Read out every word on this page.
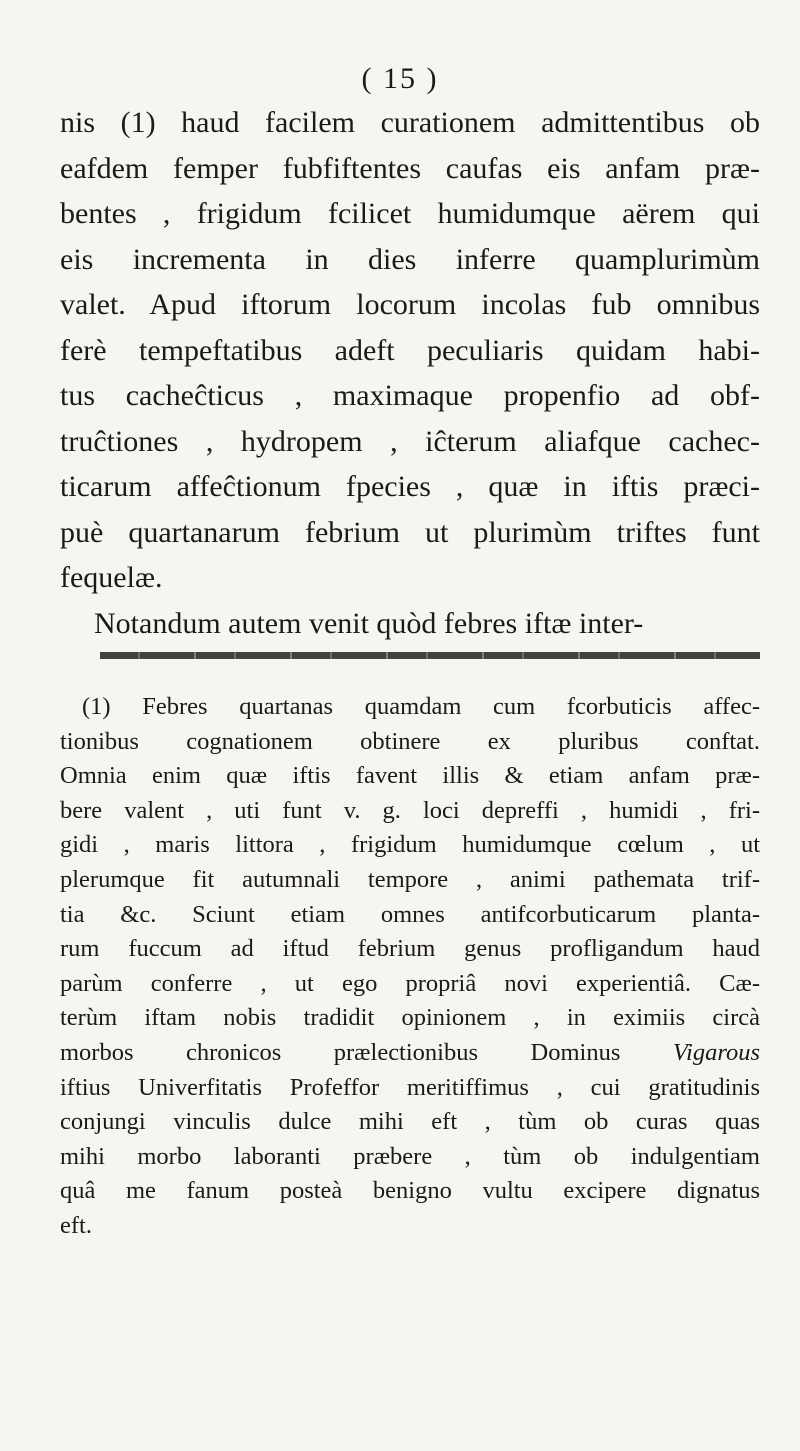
( 15 )
nis (1) haud facilem curationem admittentibus ob
eafdem femper fubfiftentes caufas eis anfam præ-
bentes , frigidum fcilicet humidumque aërem qui
eis incrementa in dies inferre quamplurimùm
valet. Apud iftorum locorum incolas fub omnibus
ferè tempeftatibus adeft peculiaris quidam habi-
tus cacheĉticus , maximaque propenfio ad obf-
truĉtiones , hydropem , iĉterum aliafque cachec-
ticarum affeĉtionum fpecies , quæ in iftis præci-
puè quartanarum febrium ut plurimùm triftes funt
fequelæ.
Notandum autem venit quòd febres iftæ inter-
(1) Febres quartanas quamdam cum fcorbuticis affec-
tionibus cognationem obtinere ex pluribus conftat.
Omnia enim quæ iftis favent illis & etiam anfam præ-
bere valent , uti funt v. g. loci depreffi , humidi , fri-
gidi , maris littora , frigidum humidumque cœlum , ut
plerumque fit autumnali tempore , animi pathemata trif-
tia &c. Sciunt etiam omnes antifcorbuticarum planta-
rum fuccum ad iftud febrium genus profligandum haud
parùm conferre , ut ego propriâ novi experientiâ. Cæ-
terùm iftam nobis tradidit opinionem , in eximiis circà
morbos chronicos prælectionibus Dominus Vigarous
iftius Univerfitatis Profeffor meritiffimus , cui gratitudinis
conjungi vinculis dulce mihi eft , tùm ob curas quas
mihi morbo laboranti præbere , tùm ob indulgentiam
quâ me fanum posteà benigno vultu excipere dignatus
eft.
